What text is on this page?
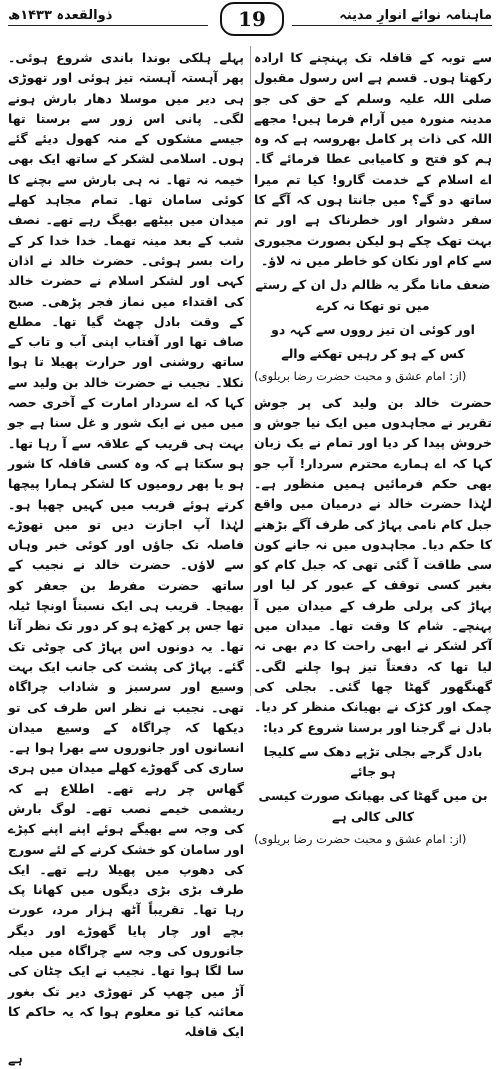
ماہنامہ نوائے انوارِ مدینہ
19
ذوالقعدہ ۱۴۳۳ھ

سے توبہ کے قافلہ تک پہنچنے کا ارادہ رکھتا ہوں۔ قسم ہے اس رسول مقبول صلی اللہ علیہ وسلم کے حق کی جو مدینہ منورہ میں آرام فرما ہیں! مجھے اللہ کی ذات پر کامل بھروسہ ہے کہ وہ ہم کو فتح و کامیابی عطا فرمائے گا۔ اے اسلام کے خدمت گارو! کیا تم میرا ساتھ دو گے؟ میں جانتا ہوں کہ آگے کا سفر دشوار اور خطرناک ہے اور تم بہت تھک چکے ہو لیکن بصورت مجبوری سے کام اور نکان کو خاطر میں نہ لاؤ۔

ضعف مانا مگر یہ ظالم دل ان کے رستے میں تو تھکا نہ کرے

اور کوئی ان تیز رووں سے کہہ دو

کس کے ہو کر رہیں تھکنے والے

(از: امام عشق و محبت حضرت رضا بریلوی)

حضرت خالد بن ولید کی پر جوش تقریر نے مجاہدوں میں ایک نیا جوش و خروش پیدا کر دیا اور تمام نے یک زبان کہا کہ اے ہمارے محترم سردار! آپ جو بھی حکم فرمائیں ہمیں منظور ہے۔ لہٰذا حضرت خالد نے درمیان میں واقع جبل کام نامی پہاڑ کی طرف آگے بڑھنے کا حکم دیا۔ مجاہدوں میں نہ جانے کون سی طاقت آ گئی تھی کہ جبل کام کو بغیر کسی توقف کے عبور کر لیا اور پہاڑ کی پرلی طرف کے میدان میں آ پہنچے۔ شام کا وقت تھا۔ میدان میں آکر لشکر نے ابھی راحت کا دم بھی نہ لیا تھا کہ دفعتاً تیز ہوا چلنے لگی۔ گھنگھور گھٹا چھا گئی۔ بجلی کی چمک اور کڑک نے بھیانک منظر کر دیا۔ بادل نے گرجنا اور برسنا شروع کر دیا:

بادل گرجے بجلی تڑپے دھک سے کلیجا ہو جائے

بن میں گھٹا کی بھیانک صورت کیسی کالی کالی ہے

(از: امام عشق و محبت حضرت رضا بریلوی)

پہلے ہلکی بوندا باندی شروع ہوئی۔ پھر آہستہ آہستہ تیز ہوئی اور تھوڑی ہی دیر میں موسلا دھار بارش ہونے لگی۔ پانی اس زور سے برستا تھا جیسے مشکوں کے منہ کھول دیئے گئے ہوں۔ اسلامی لشکر کے ساتھ ایک بھی خیمہ نہ تھا۔ نہ ہی بارش سے بچنے کا کوئی سامان تھا۔ تمام مجاہد کھلے میدان میں بیٹھے بھیگ رہے تھے۔ نصف شب کے بعد مینہ تھما۔ خدا خدا کر کے رات بسر ہوئی۔ حضرت خالد نے اذان کہی اور لشکر اسلام نے حضرت خالد کی اقتداء میں نماز فجر پڑھی۔ صبح کے وقت بادل چھٹ گیا تھا۔ مطلع صاف تھا اور آفتاب اپنی آب و تاب کے ساتھ روشنی اور حرارت پھیلا تا ہوا نکلا۔ نجیب نے حضرت خالد بن ولید سے کہا کہ اے سردار امارت کے آخری حصہ میں میں نے ایک شور و غل سنا ہے جو بہت ہی قریب کے علاقہ سے آ رہا تھا۔ ہو سکتا ہے کہ وہ کسی قافلہ کا شور ہو یا پھر رومیوں کا لشکر ہمارا پیچھا کرتے ہوئے قریب میں کہیں چھپا ہو۔ لہٰذا آپ اجازت دیں تو میں تھوڑے فاصلہ تک جاؤں اور کوئی خبر وہاں سے لاؤں۔ حضرت خالد نے نجیب کے ساتھ حضرت مفرط بن جعفر کو بھیجا۔ قریب ہی ایک نسبتاً اونچا ٹیلہ تھا جس پر کھڑے ہو کر دور تک نظر آتا تھا۔ یہ دونوں اس پہاڑ کی چوٹی تک گئے۔ پہاڑ کی پشت کی جانب ایک بہت وسیع اور سرسبز و شاداب چراگاہ تھی۔ نجیب نے نظر اس طرف کی تو دیکھا کہ چراگاہ کے وسیع میدان انسانوں اور جانوروں سے بھرا ہوا ہے۔ ساری کی گھوڑے کھلے میدان میں ہری گھاس چر رہے تھے۔ اطلاع ہے کہ ریشمی خیمے نصب تھے۔ لوگ بارش کی وجہ سے بھیگے ہوئے اپنے اپنے کپڑے اور سامان کو خشک کرنے کے لئے سورج کی دھوپ میں پھیلا رہے تھے۔ ایک طرف بڑی بڑی دیگوں میں کھانا پک رہا تھا۔ تقریباً آٹھ ہزار مرد، عورت بچے اور چار پایا گھوڑے اور دیگر جانوروں کی وجہ سے چراگاہ میں میلہ سا لگا ہوا تھا۔ نجیب نے ایک چٹان کی آڑ میں چھپ کر تھوڑی دیر تک بغور معائنہ کیا تو معلوم ہوا کہ یہ حاکم کا ایک قافلہ

ہے
